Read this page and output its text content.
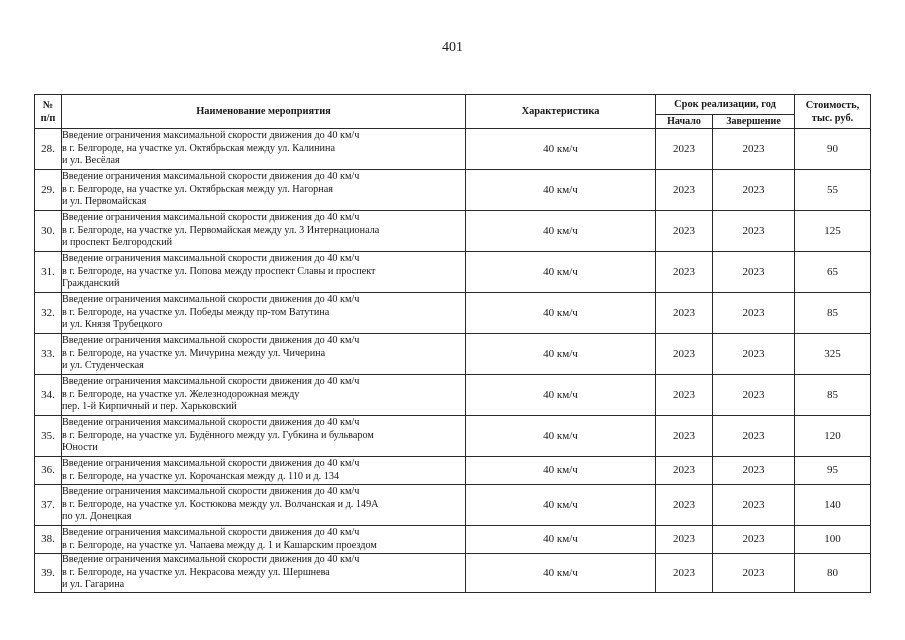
401
№
п/п	Наименование мероприятия	Характеристика	Срок реализации, год		Стоимость,
тыс. руб.
			Начало	Завершение	
28.	Введение ограничения максимальной скорости движения до 40 км/ч
в г. Белгороде, на участке ул. Октябрьская между ул. Калинина
и ул. Весёлая	40 км/ч	2023	2023	90
29.	Введение ограничения максимальной скорости движения до 40 км/ч
в г. Белгороде, на участке ул. Октябрьская между ул. Нагорная
и ул. Первомайская	40 км/ч	2023	2023	55
30.	Введение ограничения максимальной скорости движения до 40 км/ч
в г. Белгороде, на участке ул. Первомайская между ул. 3 Интернационала
и проспект Белгородский	40 км/ч	2023	2023	125
31.	Введение ограничения максимальной скорости движения до 40 км/ч
в г. Белгороде, на участке ул. Попова между проспект Славы и проспект
Гражданский	40 км/ч	2023	2023	65
32.	Введение ограничения максимальной скорости движения до 40 км/ч
в г. Белгороде, на участке ул. Победы между пр-том Ватутина
и ул. Князя Трубецкого	40 км/ч	2023	2023	85
33.	Введение ограничения максимальной скорости движения до 40 км/ч
в г. Белгороде, на участке ул. Мичурина между ул. Чичерина
и ул. Студенческая	40 км/ч	2023	2023	325
34.	Введение ограничения максимальной скорости движения до 40 км/ч
в г. Белгороде, на участке ул. Железнодорожная между
пер. 1-й Кирпичный и пер. Харьковский	40 км/ч	2023	2023	85
35.	Введение ограничения максимальной скорости движения до 40 км/ч
в г. Белгороде, на участке ул. Будённого между ул. Губкина и бульваром
Юности	40 км/ч	2023	2023	120
36.	Введение ограничения максимальной скорости движения до 40 км/ч
в г. Белгороде, на участке ул. Корочанская между д. 110 и д. 134	40 км/ч	2023	2023	95
37.	Введение ограничения максимальной скорости движения до 40 км/ч
в г. Белгороде, на участке ул. Костюкова между ул. Волчанская и д. 149А
по ул. Донецкая	40 км/ч	2023	2023	140
38.	Введение ограничения максимальной скорости движения до 40 км/ч
в г. Белгороде, на участке ул. Чапаева между д. 1 и Кашарским проездом	40 км/ч	2023	2023	100
39.	Введение ограничения максимальной скорости движения до 40 км/ч
в г. Белгороде, на участке ул. Некрасова между ул. Шершнева
и ул. Гагарина	40 км/ч	2023	2023	80
